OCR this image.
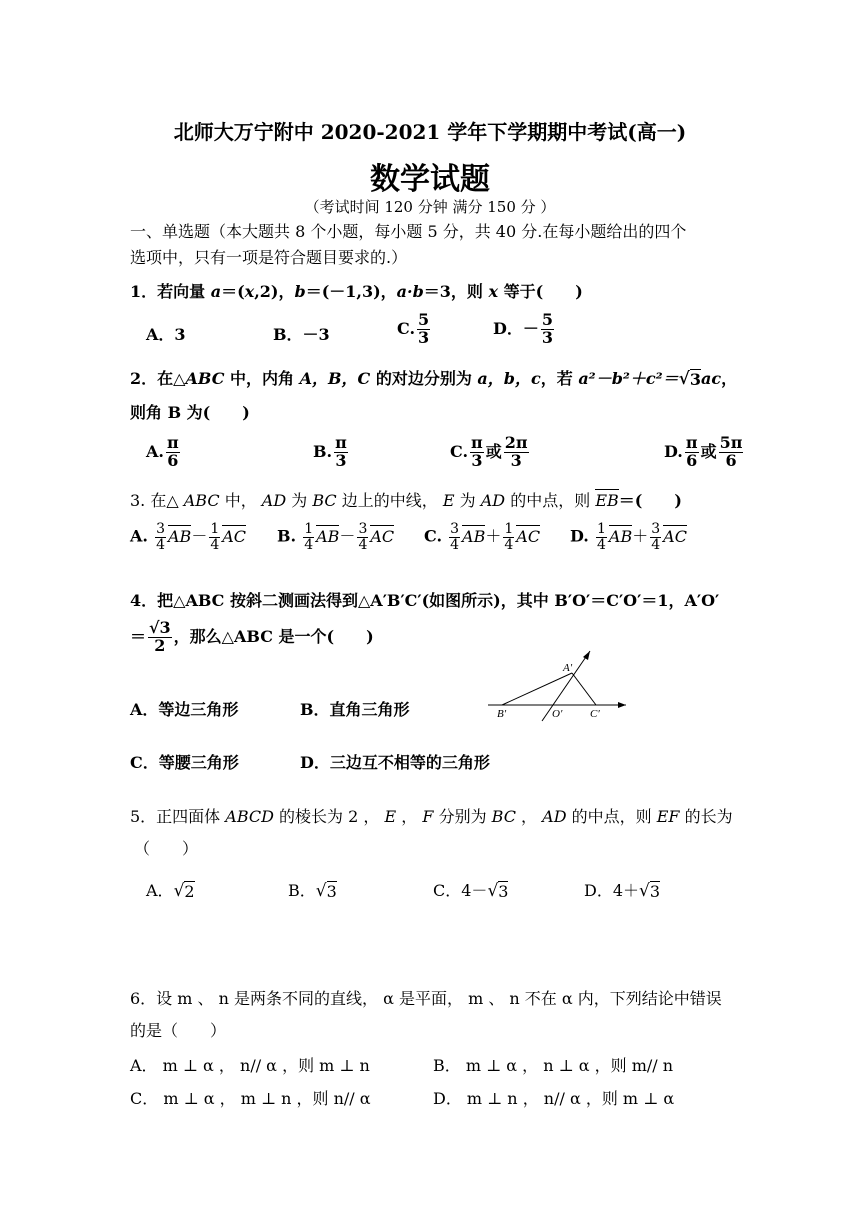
北师大万宁附中 2020-2021 学年下学期期中考试(高一)
数学试题
（考试时间 120 分钟 满分 150 分 ）
一、单选题（本大题共 8 个小题，每小题 5 分，共 40 分.在每小题给出的四个
选项中，只有一项是符合题目要求的.）
1．若向量 a＝(x,2)，b＝(－1,3)，a·b＝3，则 x 等于(　　)
A．3	B．－3	C. $\frac{5}{3}$	D．－ $\frac{5}{3}$
2．在△ABC 中，内角 A，B，C 的对边分别为 a，b，c，若 a²－b²＋c²＝ √ 3 ac，
则角 B 为(　　)
A. $\frac{\pi}{6}$	B. $\frac{\pi}{3}$	C. $\frac{\pi}{3}$ 或 $\frac{2\pi}{3}$	D. $\frac{\pi}{6}$ 或 $\frac{5\pi}{6}$
3. 在△ ABC 中， AD 为 BC 边上的中线， E 为 AD 的中点，则 EB＝(　　)
A. $\frac{3}{4} AB- \frac{1}{4}$ AC B. $\frac{1}{4} AB- \frac{3}{4}$ AC C. $\frac{3}{4} AB+ \frac{1}{4}$ AC D. $\frac{1}{4} AB+ \frac{3}{4}$ AC
4．把△ABC 按斜二测画法得到△A′B′C′(如图所示)，其中 B′O′＝C′O′＝1，A′O′
＝ $\frac{√3}{2}$ ，那么△ABC 是一个(　　)
A．等边三角形	B．直角三角形
C．等腰三角形	D．三边互不相等的三角形
A′
B′	O′	C′
5．正四面体 ABCD 的棱长为 2 ， E ， F 分别为 BC ， AD 的中点，则 EF 的长为
（　　）
A． √ 2	B． √ 3	C．4－ √ 3	D．4＋ √ 3
6．设 m 、 n 是两条不同的直线， α 是平面， m 、 n 不在 α 内，下列结论中错误
的是（　　）
A． m ⊥ α ， n// α ，则 m ⊥ n	B． m ⊥ α ， n ⊥ α ，则 m// n
C． m ⊥ α ， m ⊥ n ，则 n// α	D． m ⊥ n ， n// α ，则 m ⊥ α
